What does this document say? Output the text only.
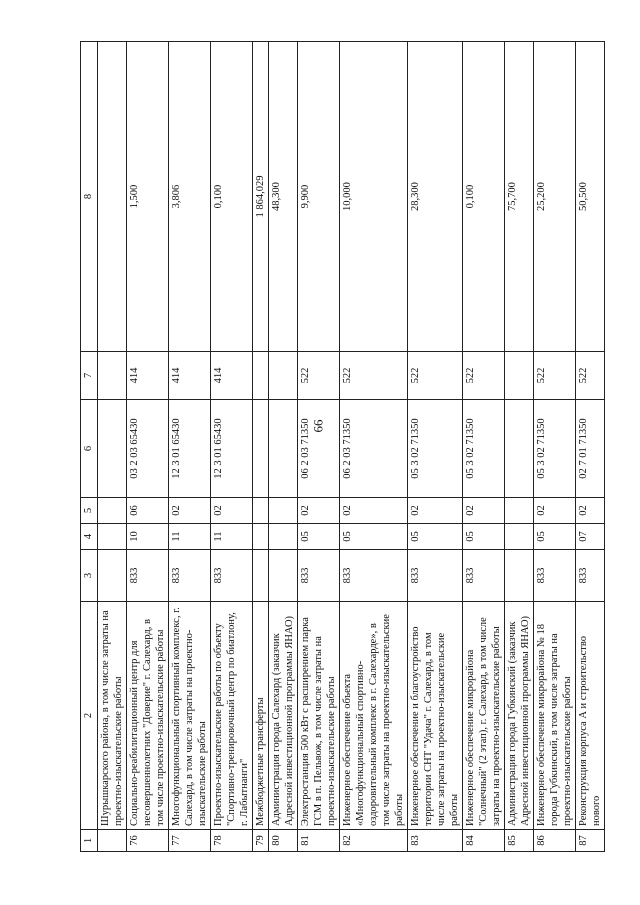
66
1	2	3	4	5	6	7	8
	Шурышкарского района, в том числе затраты на проектно-изыскательские работы						
76	Социально-реабилитационный центр для несовершеннолетних "Доверие" г. Салехард, в том числе проектно-изыскательские работы	833	10	06	03 2 03 65430	414	1,500
77	Многофункциональный спортивный комплекс, г. Салехард, в том числе затраты на проектно-изыскательские работы	833	11	02	12 3 01 65430	414	3,806
78	Проектно-изыскательские работы по объекту "Спортивно-тренировочный центр по биатлону, г. Лабытнанги"	833	11	02	12 3 01 65430	414	0,100
79	Межбюджетные трансферты						1 864,029
80	Администрация города Салехард (заказчик Адресной инвестиционной программы ЯНАО)						48,300
81	Электростанция 500 кВт с расширением парка ГСМ в п. Пельвож, в том числе затраты на проектно-изыскательские работы	833	05	02	06 2 03 71350	522	9,900
82	Инженерное обеспечение объекта «Многофункциональный спортивно-оздоровительный комплекс в г. Салехарде», в том числе затраты на проектно-изыскательские работы	833	05	02	06 2 03 71350	522	10,000
83	Инженерное обеспечение и благоустройство территории СНТ "Удача" г. Салехард, в том числе затраты на проектно-изыскательские работы	833	05	02	05 3 02 71350	522	28,300
84	Инженерное обеспечение микрорайона "Солнечный" (2 этап), г. Салехард, в том числе затраты на проектно-изыскательские работы	833	05	02	05 3 02 71350	522	0,100
85	Администрация города Губкинский (заказчик Адресной инвестиционной программы ЯНАО)						75,700
86	Инженерное обеспечение микрорайона № 18 города Губкинский, в том числе затраты на проектно-изыскательские работы	833	05	02	05 3 02 71350	522	25,200
87	Реконструкция корпуса А и строительство нового	833	07	02	02 7 01 71350	522	50,500
